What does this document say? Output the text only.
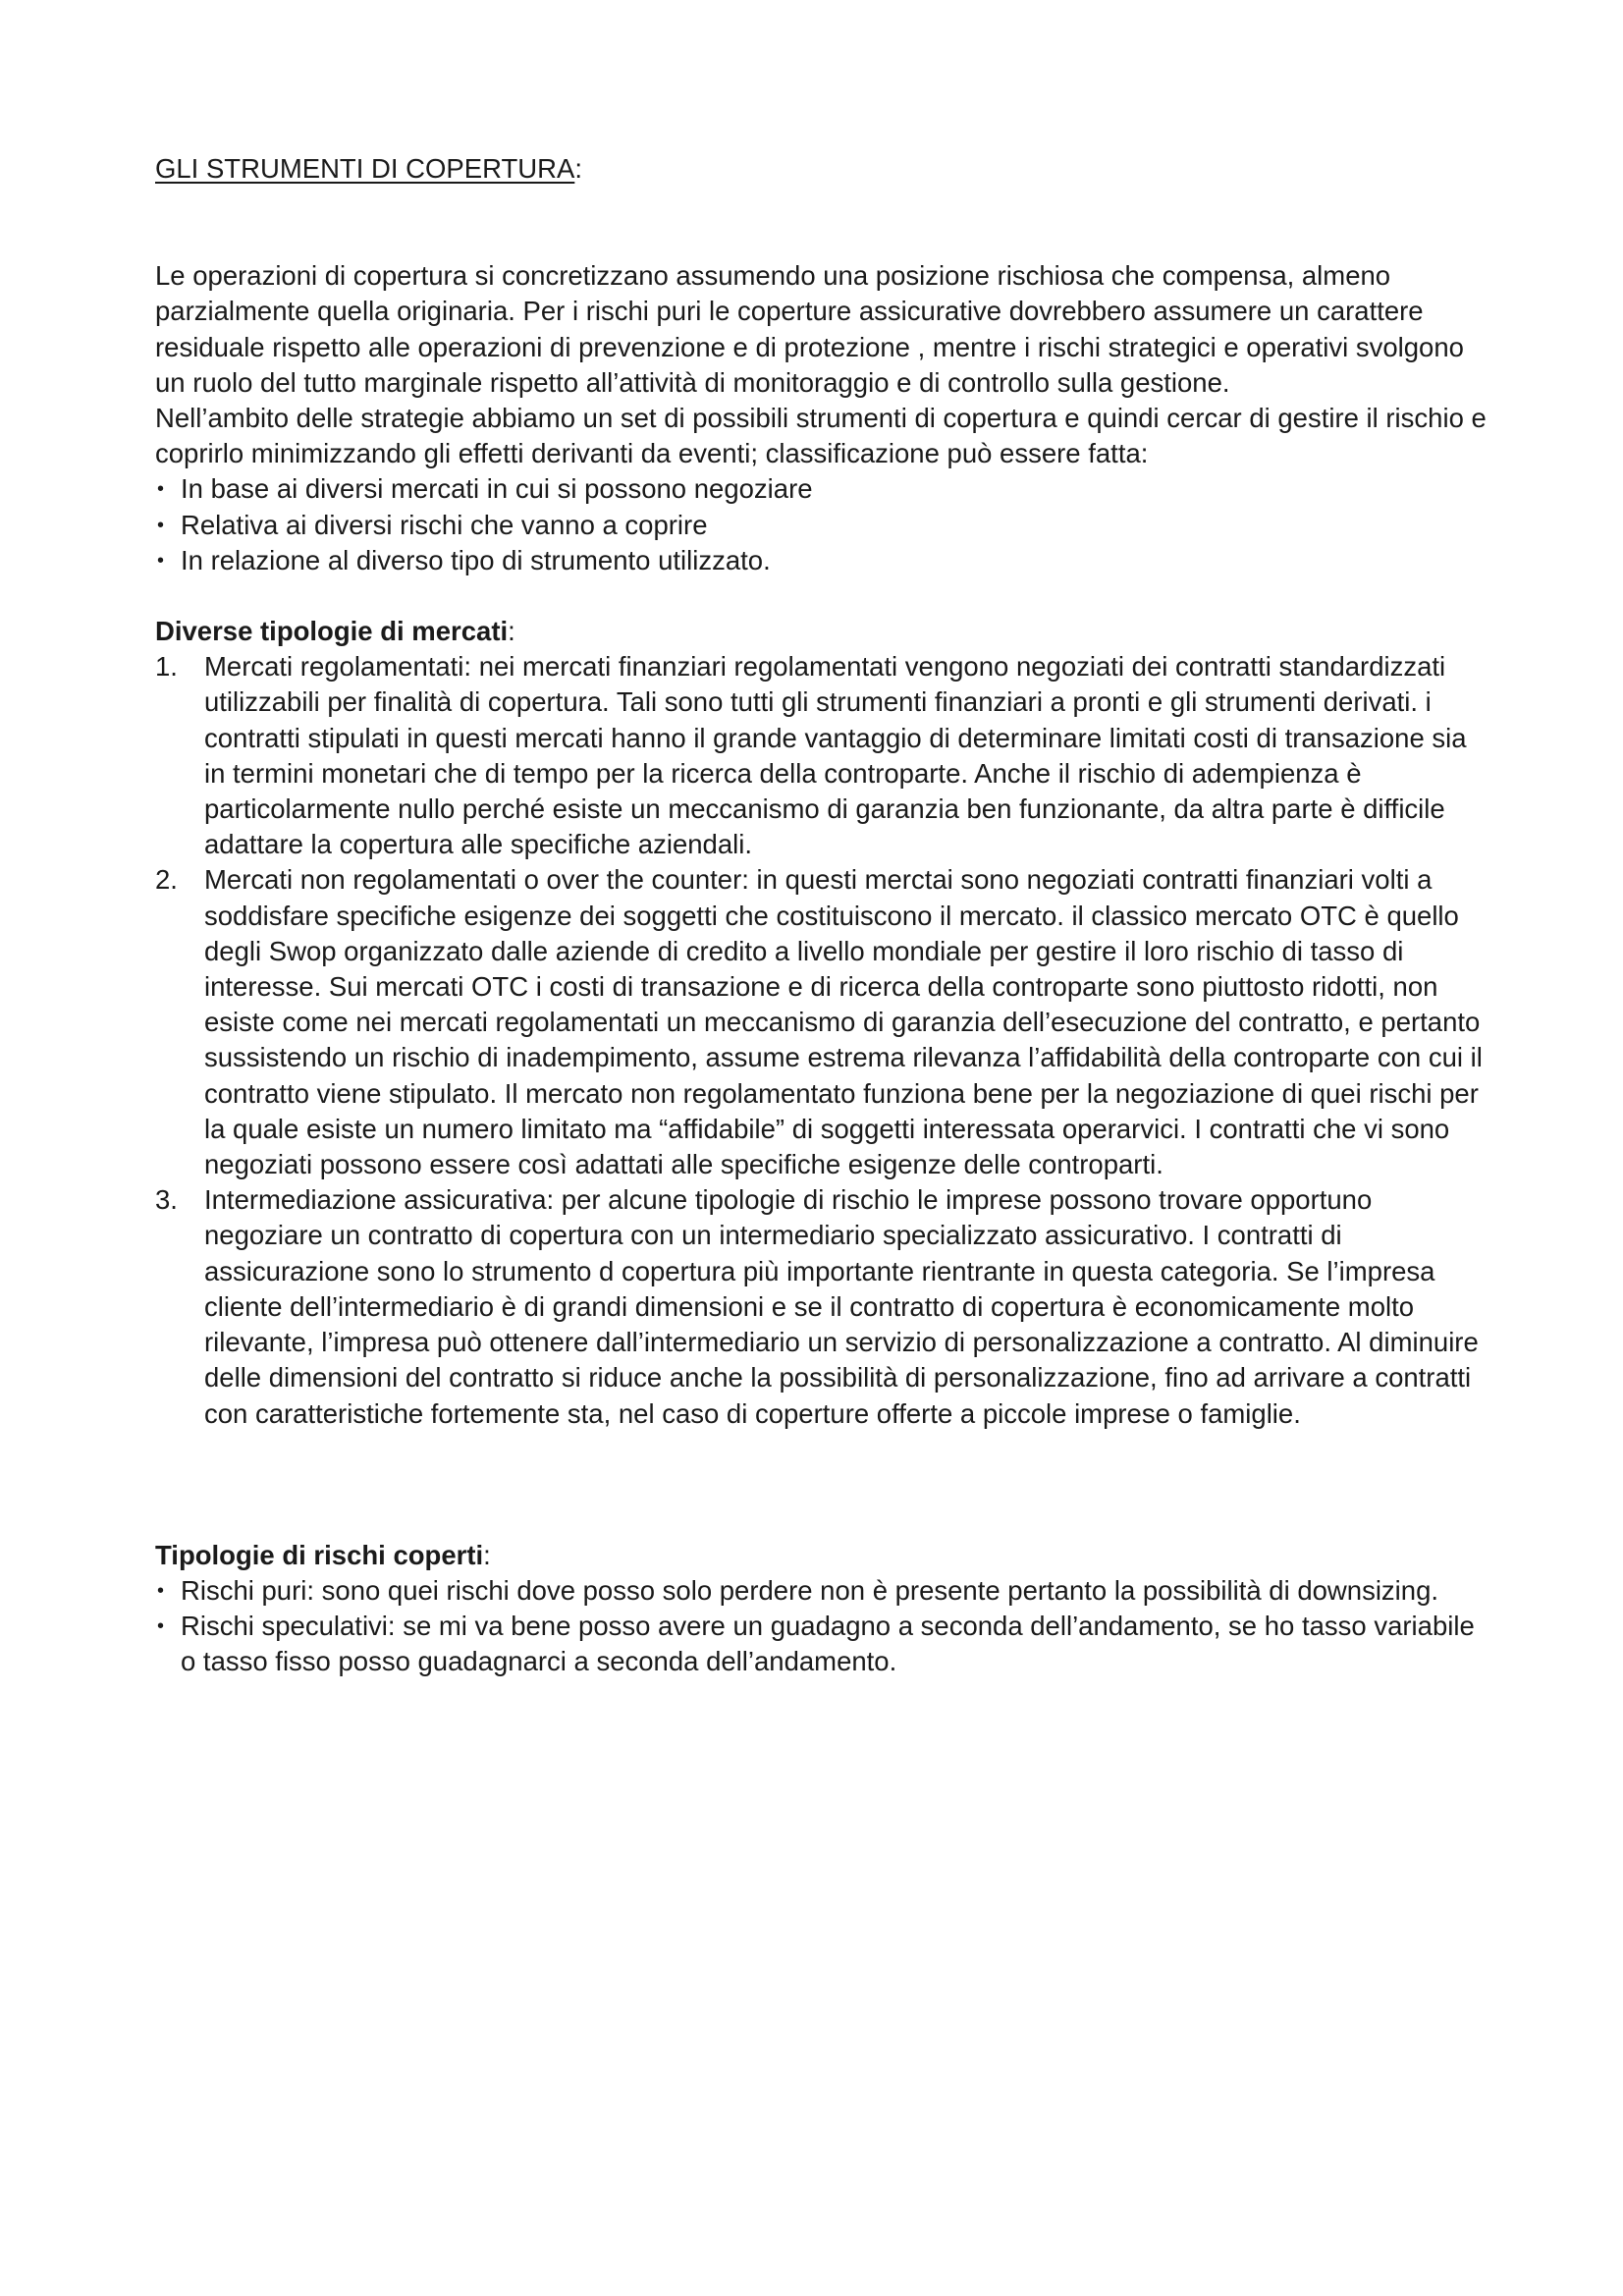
GLI STRUMENTI DI COPERTURA:

Le operazioni di copertura si concretizzano assumendo una posizione rischiosa che compensa, almeno parzialmente quella originaria. Per i rischi puri le coperture assicurative dovrebbero assumere un carattere residuale rispetto alle operazioni di prevenzione e di protezione , mentre i rischi strategici e operativi svolgono un ruolo del tutto marginale rispetto all’attività di monitoraggio e di controllo sulla gestione.

Nell’ambito delle strategie abbiamo un set di possibili strumenti di copertura e quindi cercar di gestire il rischio e coprirlo minimizzando gli effetti derivanti da eventi; classificazione può essere fatta:

• In base ai diversi mercati in cui si possono negoziare
• Relativa ai diversi rischi che vanno a coprire
• In relazione al diverso tipo di strumento utilizzato.

Diverse tipologie di mercati:

1. Mercati regolamentati: nei mercati finanziari regolamentati vengono negoziati dei contratti standardizzati utilizzabili per finalità di copertura. Tali sono tutti gli strumenti finanziari a pronti e gli strumenti derivati. i contratti stipulati in questi mercati hanno il grande vantaggio di determinare limitati costi di transazione sia in termini monetari che di tempo per la ricerca della controparte. Anche il rischio di adempienza è particolarmente nullo perché esiste un meccanismo di garanzia ben funzionante, da altra parte è difficile adattare la copertura alle specifiche aziendali.
2. Mercati non regolamentati o over the counter: in questi merctai sono negoziati contratti finanziari volti a soddisfare specifiche esigenze dei soggetti che costituiscono il mercato. il classico mercato OTC è quello degli Swop organizzato dalle aziende di credito a livello mondiale per gestire il loro rischio di tasso di interesse. Sui mercati OTC i costi di transazione e di ricerca della controparte sono piuttosto ridotti, non esiste come nei mercati regolamentati un meccanismo di garanzia dell’esecuzione del contratto, e pertanto sussistendo un rischio di inadempimento, assume estrema rilevanza l’affidabilità della controparte con cui il contratto viene stipulato. Il mercato non regolamentato funziona bene per la negoziazione di quei rischi per la quale esiste un numero limitato ma “affidabile” di soggetti interessata operarvici. I contratti che vi sono negoziati possono essere così adattati alle specifiche esigenze delle controparti.
3. Intermediazione assicurativa: per alcune tipologie di rischio le imprese possono trovare opportuno negoziare un contratto di copertura con un intermediario specializzato assicurativo. I contratti di assicurazione sono lo strumento d copertura più importante rientrante in questa categoria. Se l’impresa cliente dell’intermediario è di grandi dimensioni e se il contratto di copertura è economicamente molto rilevante, l’impresa può ottenere dall’intermediario un servizio di personalizzazione a contratto. Al diminuire delle dimensioni del contratto si riduce anche la possibilità di personalizzazione, fino ad arrivare a contratti con caratteristiche fortemente sta, nel caso di coperture offerte a piccole imprese o famiglie.

Tipologie di rischi coperti:

• Rischi puri: sono quei rischi dove posso solo perdere non è presente pertanto la possibilità di downsizing.
• Rischi speculativi: se mi va bene posso avere un guadagno a seconda dell’andamento, se ho tasso variabile o tasso fisso posso guadagnarci a seconda dell’andamento.
